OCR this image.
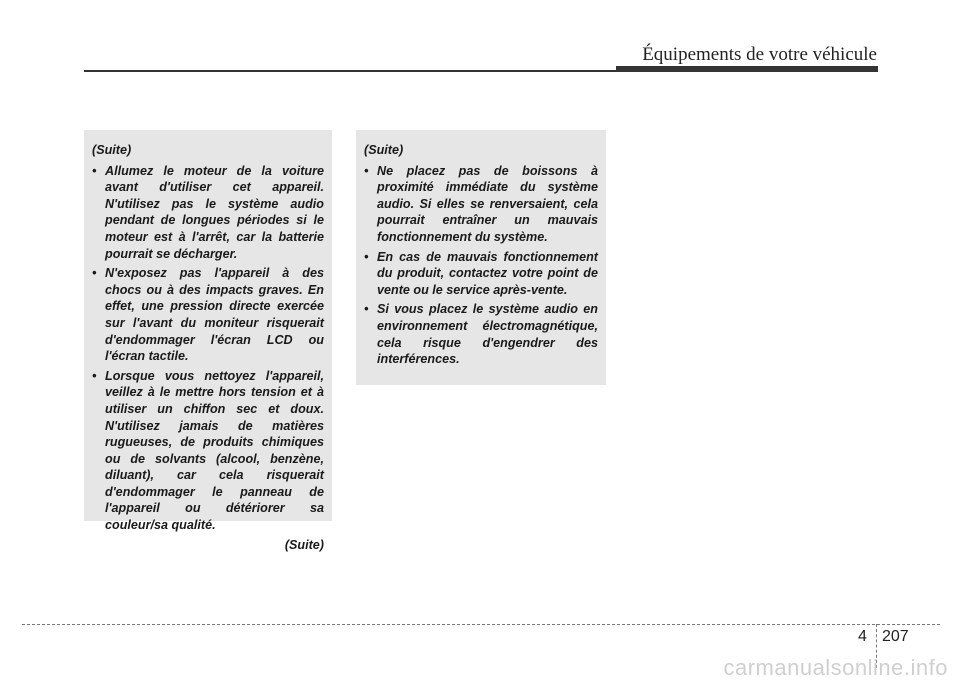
Équipements de votre véhicule

(Suite)

• Allumez le moteur de la voiture avant d'utiliser cet appareil. N'utilisez pas le système audio pendant de longues périodes si le moteur est à l'arrêt, car la batterie pourrait se décharger.
• N'exposez pas l'appareil à des chocs ou à des impacts graves. En effet, une pression directe exercée sur l'avant du moniteur risquerait d'endommager l'écran LCD ou l'écran tactile.
• Lorsque vous nettoyez l'appareil, veillez à le mettre hors tension et à utiliser un chiffon sec et doux. N'utilisez jamais de matières rugueuses, de produits chimiques ou de solvants (alcool, benzène, diluant), car cela risquerait d'endommager le panneau de l'appareil ou détériorer sa couleur/sa qualité.
(Suite)

(Suite)

• Ne placez pas de boissons à proximité immédiate du système audio. Si elles se renversaient, cela pourrait entraîner un mauvais fonctionnement du système.
• En cas de mauvais fonctionnement du produit, contactez votre point de vente ou le service après-vente.
• Si vous placez le système audio en environnement électromagnétique, cela risque d'engendrer des interférences.
4 207
carmanualsonline.info
